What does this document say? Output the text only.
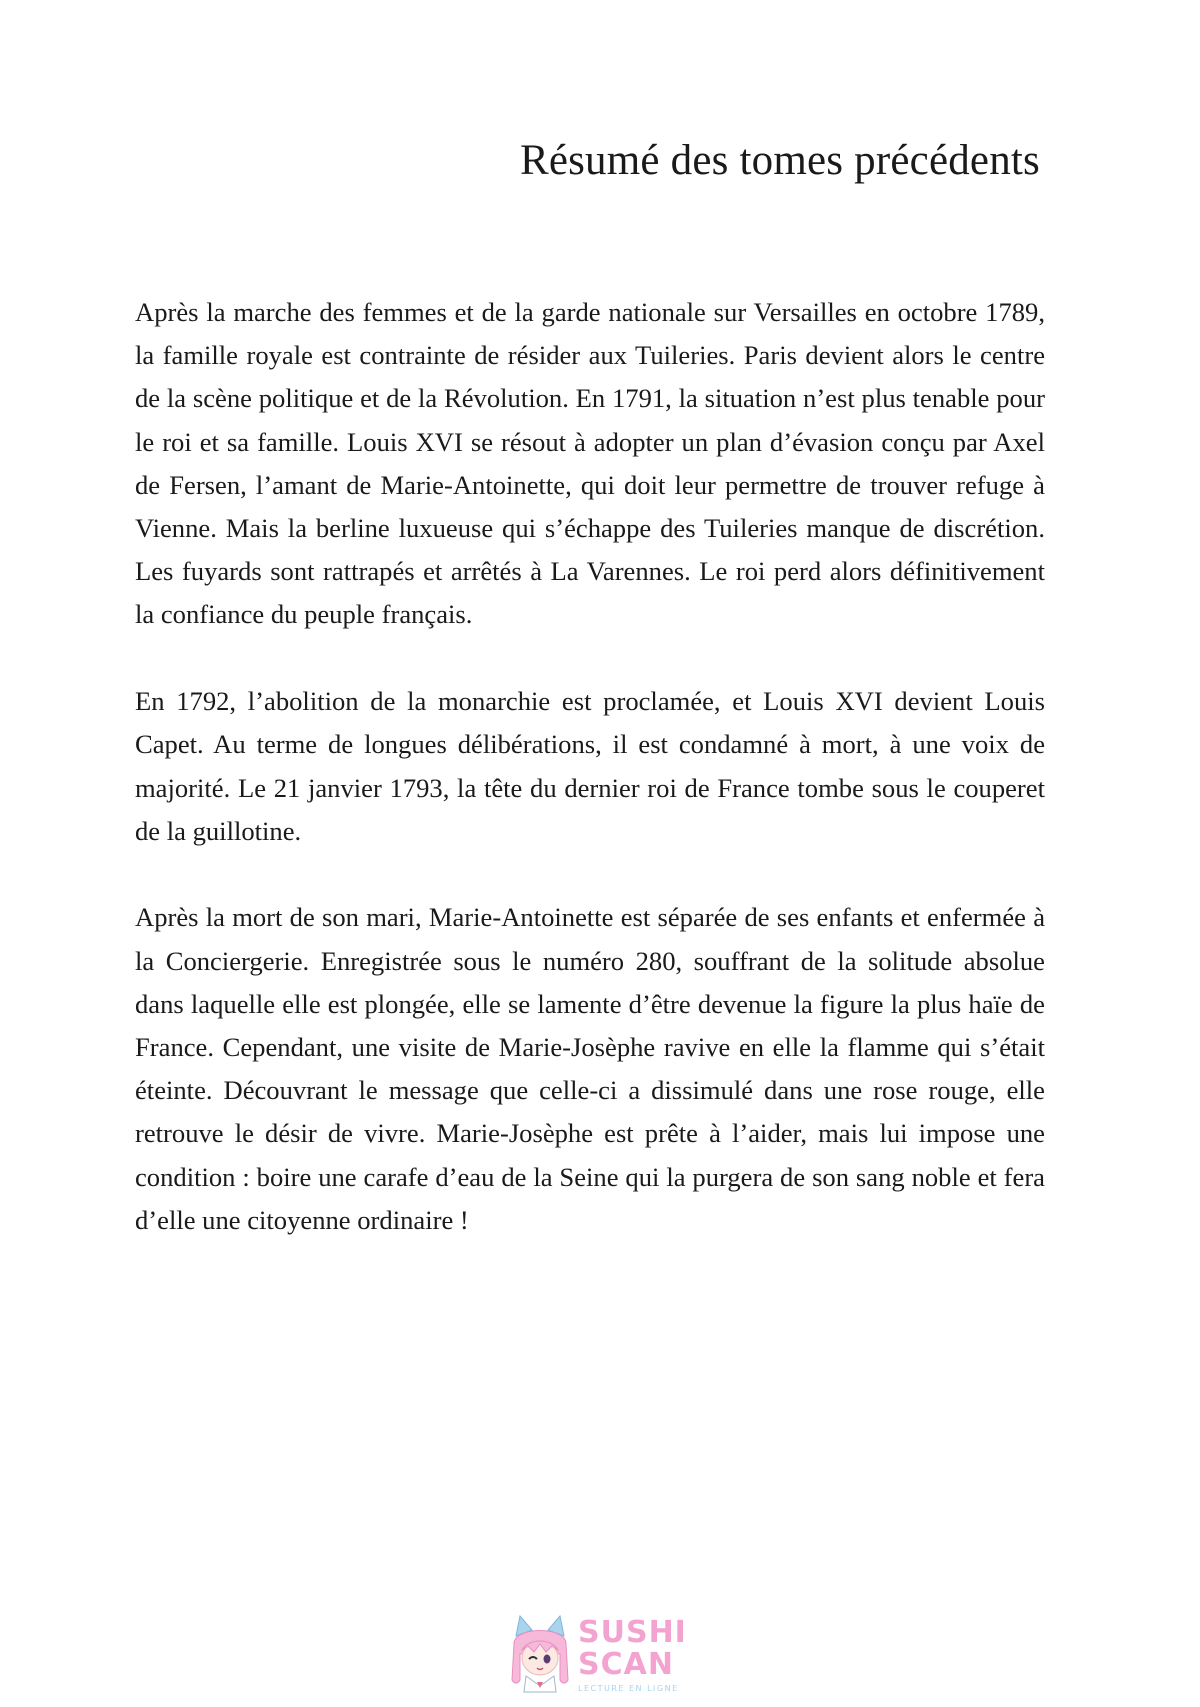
Résumé des tomes précédents

Après la marche des femmes et de la garde nationale sur Versailles en octobre 1789, la famille royale est contrainte de résider aux Tuileries. Paris devient alors le centre de la scène politique et de la Révolution. En 1791, la situation n’est plus tenable pour le roi et sa famille. Louis XVI se résout à adopter un plan d’évasion conçu par Axel de Fersen, l’amant de Marie-Antoinette, qui doit leur permettre de trouver refuge à Vienne. Mais la berline luxueuse qui s’échappe des Tuileries manque de discrétion. Les fuyards sont rattrapés et arrêtés à La Varennes. Le roi perd alors définitivement la confiance du peuple français.

En 1792, l’abolition de la monarchie est proclamée, et Louis XVI devient Louis Capet. Au terme de longues délibérations, il est condamné à mort, à une voix de majorité. Le 21 janvier 1793, la tête du dernier roi de France tombe sous le couperet de la guillotine.

Après la mort de son mari, Marie-Antoinette est séparée de ses enfants et enfermée à la Conciergerie. Enregistrée sous le numéro 280, souffrant de la solitude absolue dans laquelle elle est plongée, elle se lamente d’être devenue la figure la plus haïe de France. Cependant, une visite de Marie-Josèphe ravive en elle la flamme qui s’était éteinte. Découvrant le message que celle-ci a dissimulé dans une rose rouge, elle retrouve le désir de vivre. Marie-Josèphe est prête à l’aider, mais lui impose une condition : boire une carafe d’eau de la Seine qui la purgera de son sang noble et fera d’elle une citoyenne ordinaire !

SUSHI
SCAN
LECTURE EN LIGNE
